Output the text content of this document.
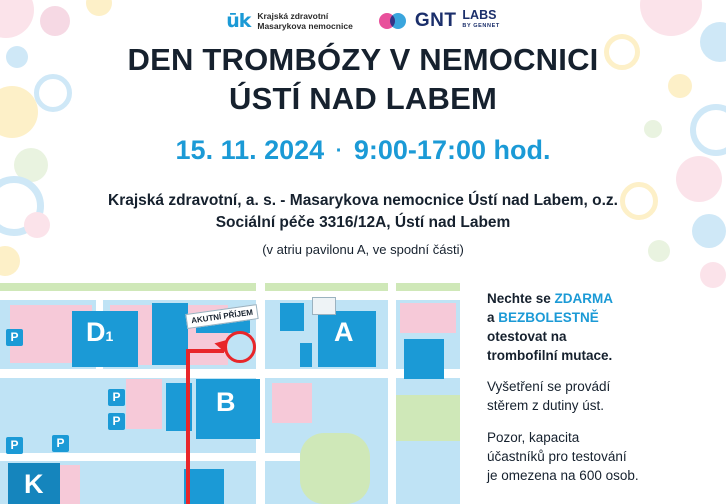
ūk Krajská zdravotní
Masarykova nemocnice	GNT LABS
BY GENNET
DEN TROMBÓZY V NEMOCNICI
ÚSTÍ NAD LABEM
15. 11. 2024 · 9:00-17:00 hod.
Krajská zdravotní, a. s. - Masarykova nemocnice Ústí nad Labem, o.z.
Sociální péče 3316/12A, Ústí nad Labem
(v atriu pavilonu A, ve spodní části)
D1	A
B
K
P
P
P
P	P
AKUTNÍ PŘÍJEM
Nechte se ZDARMA
a BEZBOLESTNĚ
otestovat na
trombofilní mutace.
Vyšetření se provádí
stěrem z dutiny úst.
Pozor, kapacita
účastníků pro testování
je omezena na 600 osob.
